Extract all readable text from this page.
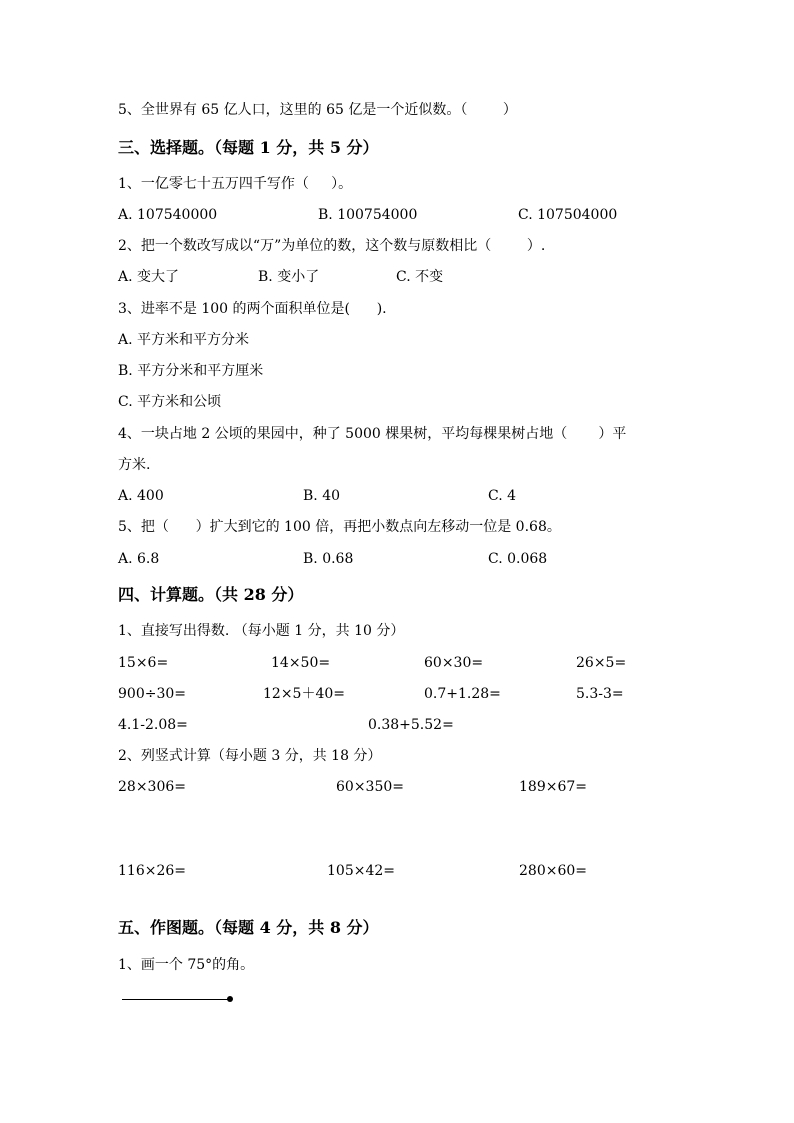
5、全世界有 65 亿人口，这里的 65 亿是一个近似数。（        ）
三、选择题。（每题 1 分，共 5 分）
1、一亿零七十五万四千写作（     ）。
A. 107540000	B. 100754000	C. 107504000
2、把一个数改写成以“万”为单位的数，这个数与原数相比（        ）.
A. 变大了	B. 变小了	C. 不变
3、进率不是 100 的两个面积单位是(      ).
A. 平方米和平方分米
B. 平方分米和平方厘米
C. 平方米和公顷
4、一块占地 2 公顷的果园中，种了 5000 棵果树，平均每棵果树占地（       ）平
方米.
A. 400	B. 40	C. 4
5、把（      ）扩大到它的 100 倍，再把小数点向左移动一位是 0.68。
A. 6.8	B. 0.68	C. 0.068
四、计算题。（共 28 分）
1、直接写出得数. （每小题 1 分，共 10 分）
15×6=	14×50=	60×30=	26×5=
900÷30=	12×5＋40=	0.7+1.28=	5.3-3=
4.1-2.08=	0.38+5.52=
2、列竖式计算（每小题 3 分，共 18 分）
28×306=	60×350=	189×67=
116×26=	105×42=	280×60=
五、作图题。（每题 4 分，共 8 分）
1、画一个 75°的角。
